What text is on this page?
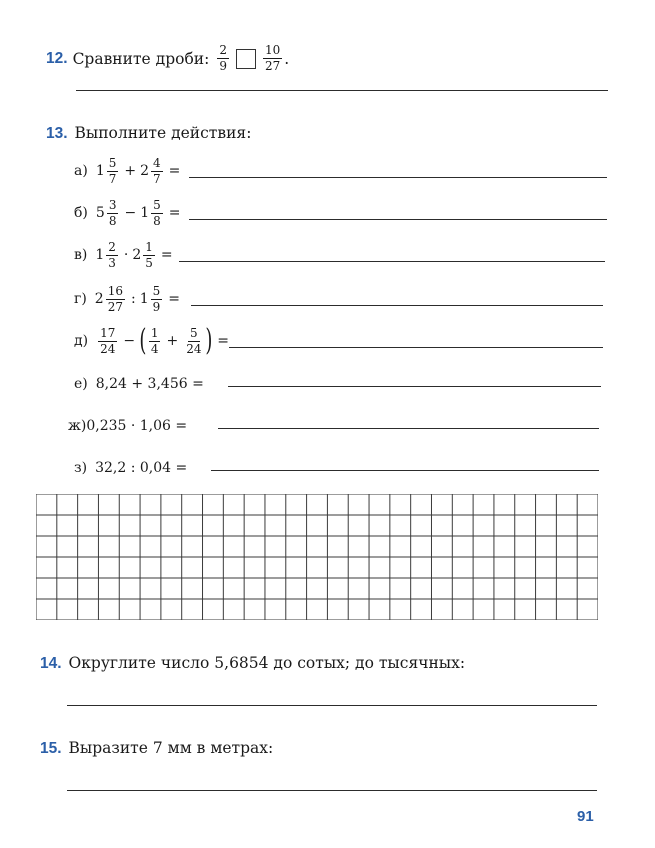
12. Сравните дроби: $\frac{2}{9}$	$\frac{10}{27}$ .
13. Выполните действия:
а) $1 \frac{5}{7} + 2 \frac{4}{7}$ =
б) $5 \frac{3}{8} - 1 \frac{5}{8}$ =
в) $1 \frac{2}{3} \cdot 2 \frac{1}{5}$ =
г) $2 \frac{16}{27}$ : $1 \frac{5}{9}$ =
$д) \frac{17}{24}$ − ( $\frac{1}{4} + \frac{5}{24}$ ) =
е) 8,24 + 3,456 =
ж) 0,235 · 1,06 =
з) 32,2 : 0,04 =
14. Округлите число 5,6854 до сотых; до тысячных:
15. Выразите 7 мм в метрах:
91
